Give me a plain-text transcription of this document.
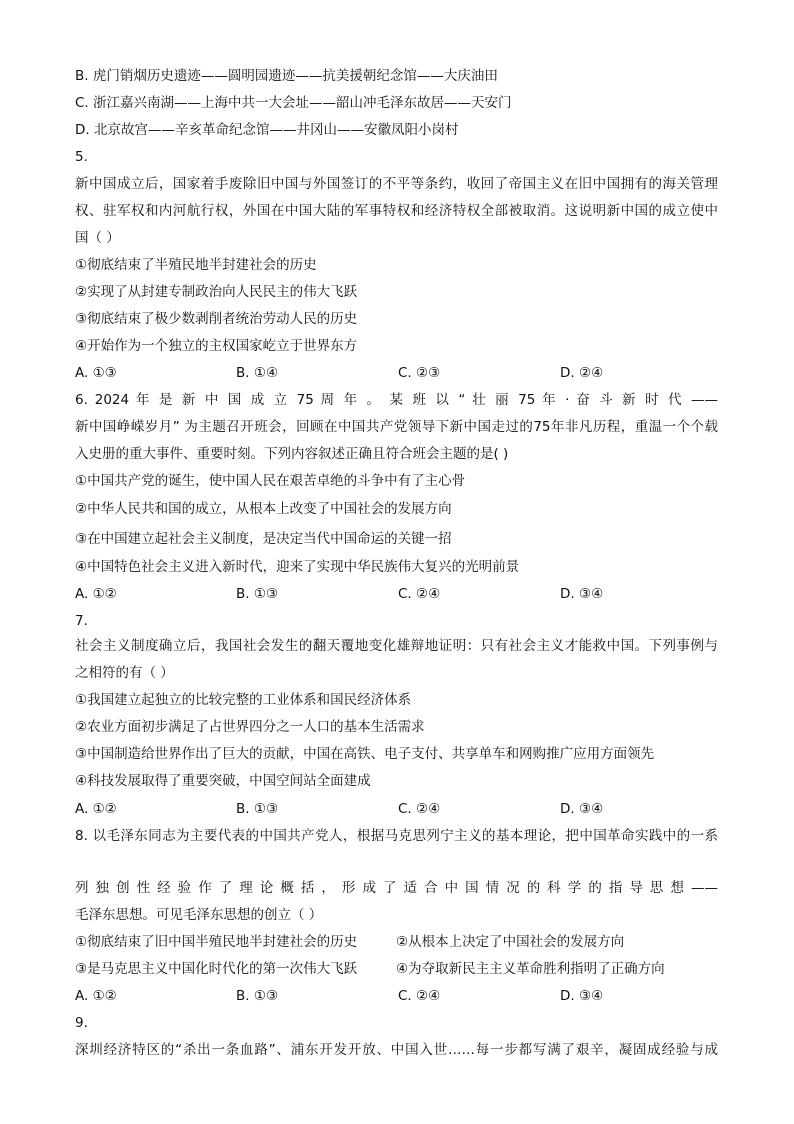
B. 虎门销烟历史遗迹——圆明园遗迹——抗美援朝纪念馆——大庆油田
C. 浙江嘉兴南湖——上海中共一大会址——韶山冲毛泽东故居——天安门
D. 北京故宫——辛亥革命纪念馆——井冈山——安徽凤阳小岗村
5.
新中国成立后，国家着手废除旧中国与外国签订的不平等条约，收回了帝国主义在旧中国拥有的海关管理
权、驻军权和内河航行权，外国在中国大陆的军事特权和经济特权全部被取消。这说明新中国的成立使中
国（ ）
①彻底结束了半殖民地半封建社会的历史
②实现了从封建专制政治向人民民主的伟大飞跃
③彻底结束了极少数剥削者统治劳动人民的历史
④开始作为一个独立的主权国家屹立于世界东方
A. ①③	B. ①④	C. ②③	D. ②④
6. 2024 年 是 新 中 国 成 立 75 周 年 。 某 班 以 “ 壮 丽 75 年 · 奋 斗 新 时 代 ——
新中国峥嵘岁月” 为主题召开班会，回顾在中国共产党领导下新中国走过的75年非凡历程，重温一个个载
入史册的重大事件、重要时刻。下列内容叙述正确且符合班会主题的是( )
①中国共产党的诞生，使中国人民在艰苦卓绝的斗争中有了主心骨
②中华人民共和国的成立，从根本上改变了中国社会的发展方向
③在中国建立起社会主义制度，是决定当代中国命运的关键一招
④中国特色社会主义进入新时代，迎来了实现中华民族伟大复兴的光明前景
A. ①②	B. ①③	C. ②④	D. ③④
7.
社会主义制度确立后，我国社会发生的翻天覆地变化雄辩地证明：只有社会主义才能救中国。下列事例与
之相符的有（ ）
①我国建立起独立的比较完整的工业体系和国民经济体系
②农业方面初步满足了占世界四分之一人口的基本生活需求
③中国制造给世界作出了巨大的贡献，中国在高铁、电子支付、共享单车和网购推广应用方面领先
④科技发展取得了重要突破，中国空间站全面建成
A. ①②	B. ①③	C. ②④	D. ③④
8. 以毛泽东同志为主要代表的中国共产党人，根据马克思列宁主义的基本理论，把中国革命实践中的一系
列 独 创 性 经 验 作 了 理 论 概 括 ， 形 成 了 适 合 中 国 情 况 的 科 学 的 指 导 思 想 ——
毛泽东思想。可见毛泽东思想的创立（ ）
①彻底结束了旧中国半殖民地半封建社会的历史	②从根本上决定了中国社会的发展方向
③是马克思主义中国化时代化的第一次伟大飞跃	④为夺取新民主主义革命胜利指明了正确方向
A. ①②	B. ①③	C. ②④	D. ③④
9.
深圳经济特区的“杀出一条血路”、浦东开发开放、中国入世……每一步都写满了艰辛，凝固成经验与成
